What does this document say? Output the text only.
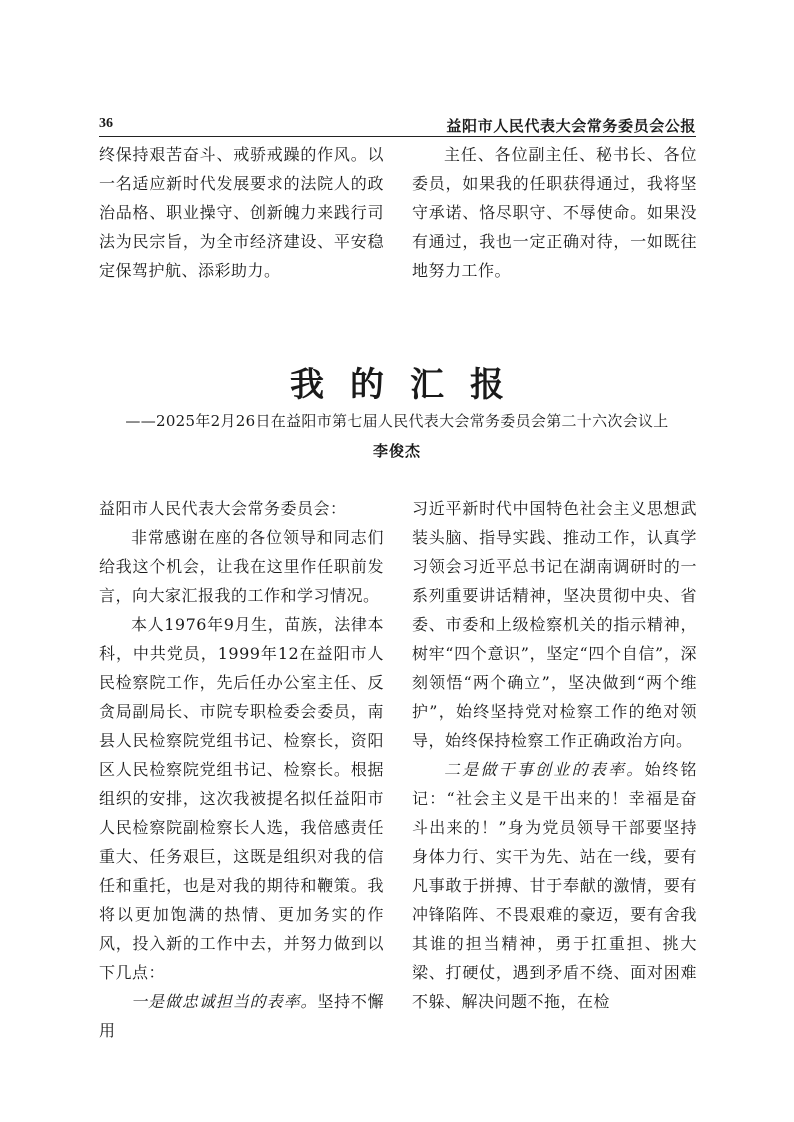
36	益阳市人民代表大会常务委员会公报

终保持艰苦奋斗、戒骄戒躁的作风。以一名适应新时代发展要求的法院人的政治品格、职业操守、创新魄力来践行司法为民宗旨，为全市经济建设、平安稳定保驾护航、添彩助力。

主任、各位副主任、秘书长、各位委员，如果我的任职获得通过，我将坚守承诺、恪尽职守、不辱使命。如果没有通过，我也一定正确对待，一如既往地努力工作。

我的汇报
——2025年2月26日在益阳市第七届人民代表大会常务委员会第二十六次会议上
李俊杰

益阳市人民代表大会常务委员会：

非常感谢在座的各位领导和同志们给我这个机会，让我在这里作任职前发言，向大家汇报我的工作和学习情况。

本人1976年9月生，苗族，法律本科，中共党员，1999年12在益阳市人民检察院工作，先后任办公室主任、反贪局副局长、市院专职检委会委员，南县人民检察院党组书记、检察长，资阳区人民检察院党组书记、检察长。根据组织的安排，这次我被提名拟任益阳市人民检察院副检察长人选，我倍感责任重大、任务艰巨，这既是组织对我的信任和重托，也是对我的期待和鞭策。我将以更加饱满的热情、更加务实的作风，投入新的工作中去，并努力做到以下几点：

一是做忠诚担当的表率。坚持不懈用

习近平新时代中国特色社会主义思想武装头脑、指导实践、推动工作，认真学习领会习近平总书记在湖南调研时的一系列重要讲话精神，坚决贯彻中央、省委、市委和上级检察机关的指示精神，树牢“四个意识”，坚定“四个自信”，深刻领悟“两个确立”，坚决做到“两个维护”，始终坚持党对检察工作的绝对领导，始终保持检察工作正确政治方向。

二是做干事创业的表率。始终铭记：“社会主义是干出来的！幸福是奋斗出来的！”身为党员领导干部要坚持身体力行、实干为先、站在一线，要有凡事敢于拼搏、甘于奉献的激情，要有冲锋陷阵、不畏艰难的豪迈，要有舍我其谁的担当精神，勇于扛重担、挑大梁、打硬仗，遇到矛盾不绕、面对困难不躲、解决问题不拖，在检
